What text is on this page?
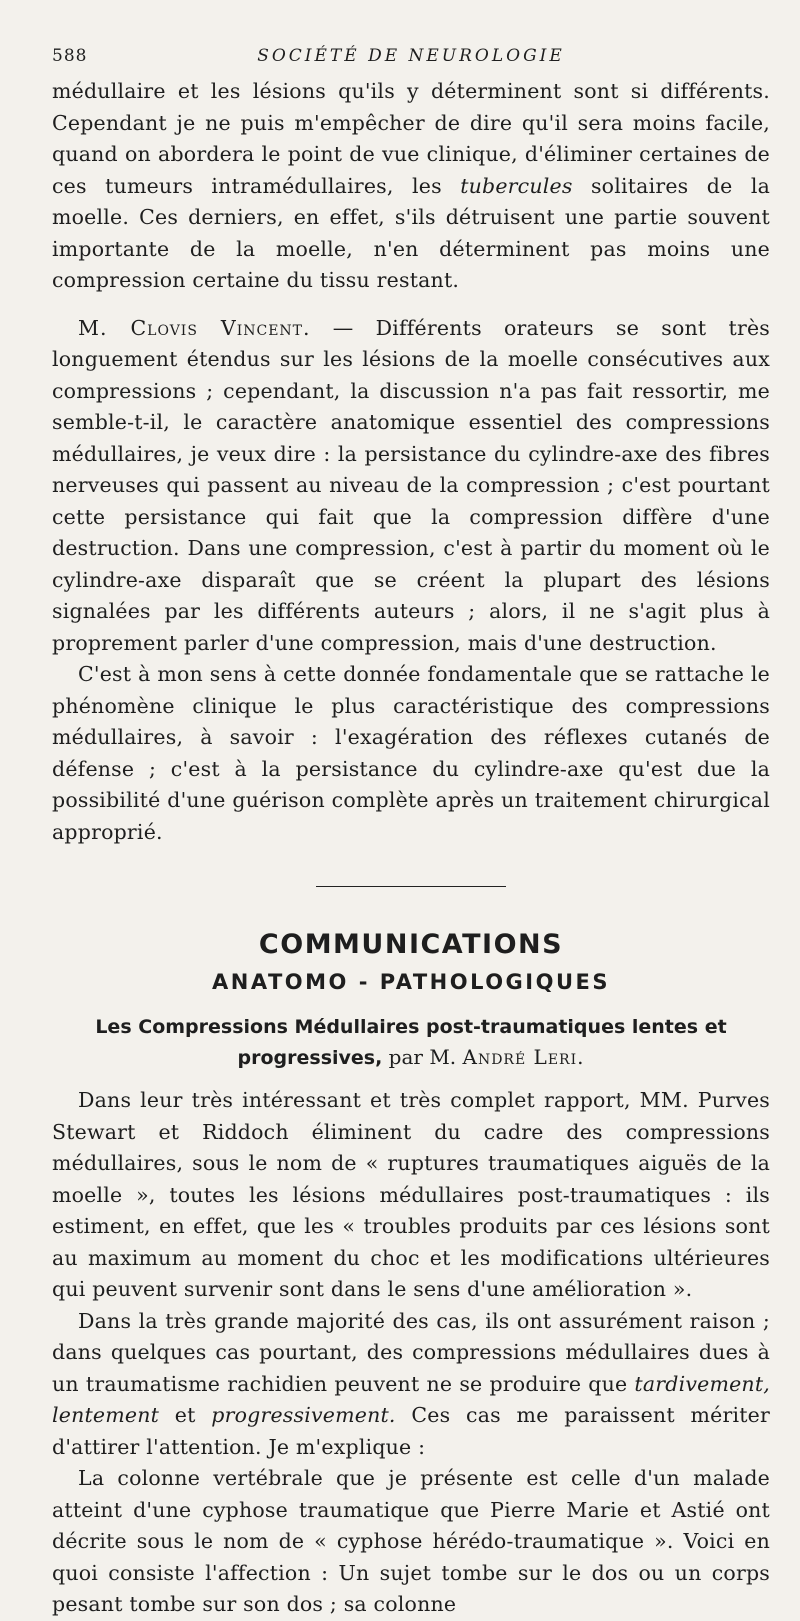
588	SOCIÉTÉ DE NEUROLOGIE

médullaire et les lésions qu'ils y déterminent sont si différents. Cependant je ne puis m'empêcher de dire qu'il sera moins facile, quand on abordera le point de vue clinique, d'éliminer certaines de ces tumeurs intramédullaires, les tubercules solitaires de la moelle. Ces derniers, en effet, s'ils détruisent une partie souvent importante de la moelle, n'en déterminent pas moins une compression certaine du tissu restant.

M. Clovis Vincent. — Différents orateurs se sont très longuement étendus sur les lésions de la moelle consécutives aux compressions ; cependant, la discussion n'a pas fait ressortir, me semble-t-il, le caractère anatomique essentiel des compressions médullaires, je veux dire : la persistance du cylindre-axe des fibres nerveuses qui passent au niveau de la compression ; c'est pourtant cette persistance qui fait que la compression diffère d'une destruction. Dans une compression, c'est à partir du moment où le cylindre-axe disparaît que se créent la plupart des lésions signalées par les différents auteurs ; alors, il ne s'agit plus à proprement parler d'une compression, mais d'une destruction.

C'est à mon sens à cette donnée fondamentale que se rattache le phénomène clinique le plus caractéristique des compressions médullaires, à savoir : l'exagération des réflexes cutanés de défense ; c'est à la persistance du cylindre-axe qu'est due la possibilité d'une guérison complète après un traitement chirurgical approprié.

COMMUNICATIONS
ANATOMO - PATHOLOGIQUES
Les Compressions Médullaires post-traumatiques lentes et progressives, par M. André Leri.

Dans leur très intéressant et très complet rapport, MM. Purves Stewart et Riddoch éliminent du cadre des compressions médullaires, sous le nom de « ruptures traumatiques aiguës de la moelle », toutes les lésions médullaires post-traumatiques : ils estiment, en effet, que les « troubles produits par ces lésions sont au maximum au moment du choc et les modifications ultérieures qui peuvent survenir sont dans le sens d'une amélioration ».

Dans la très grande majorité des cas, ils ont assurément raison ; dans quelques cas pourtant, des compressions médullaires dues à un traumatisme rachidien peuvent ne se produire que tardivement, lentement et progressivement. Ces cas me paraissent mériter d'attirer l'attention. Je m'explique :

La colonne vertébrale que je présente est celle d'un malade atteint d'une cyphose traumatique que Pierre Marie et Astié ont décrite sous le nom de « cyphose hérédo-traumatique ». Voici en quoi consiste l'affection : Un sujet tombe sur le dos ou un corps pesant tombe sur son dos ; sa colonne
